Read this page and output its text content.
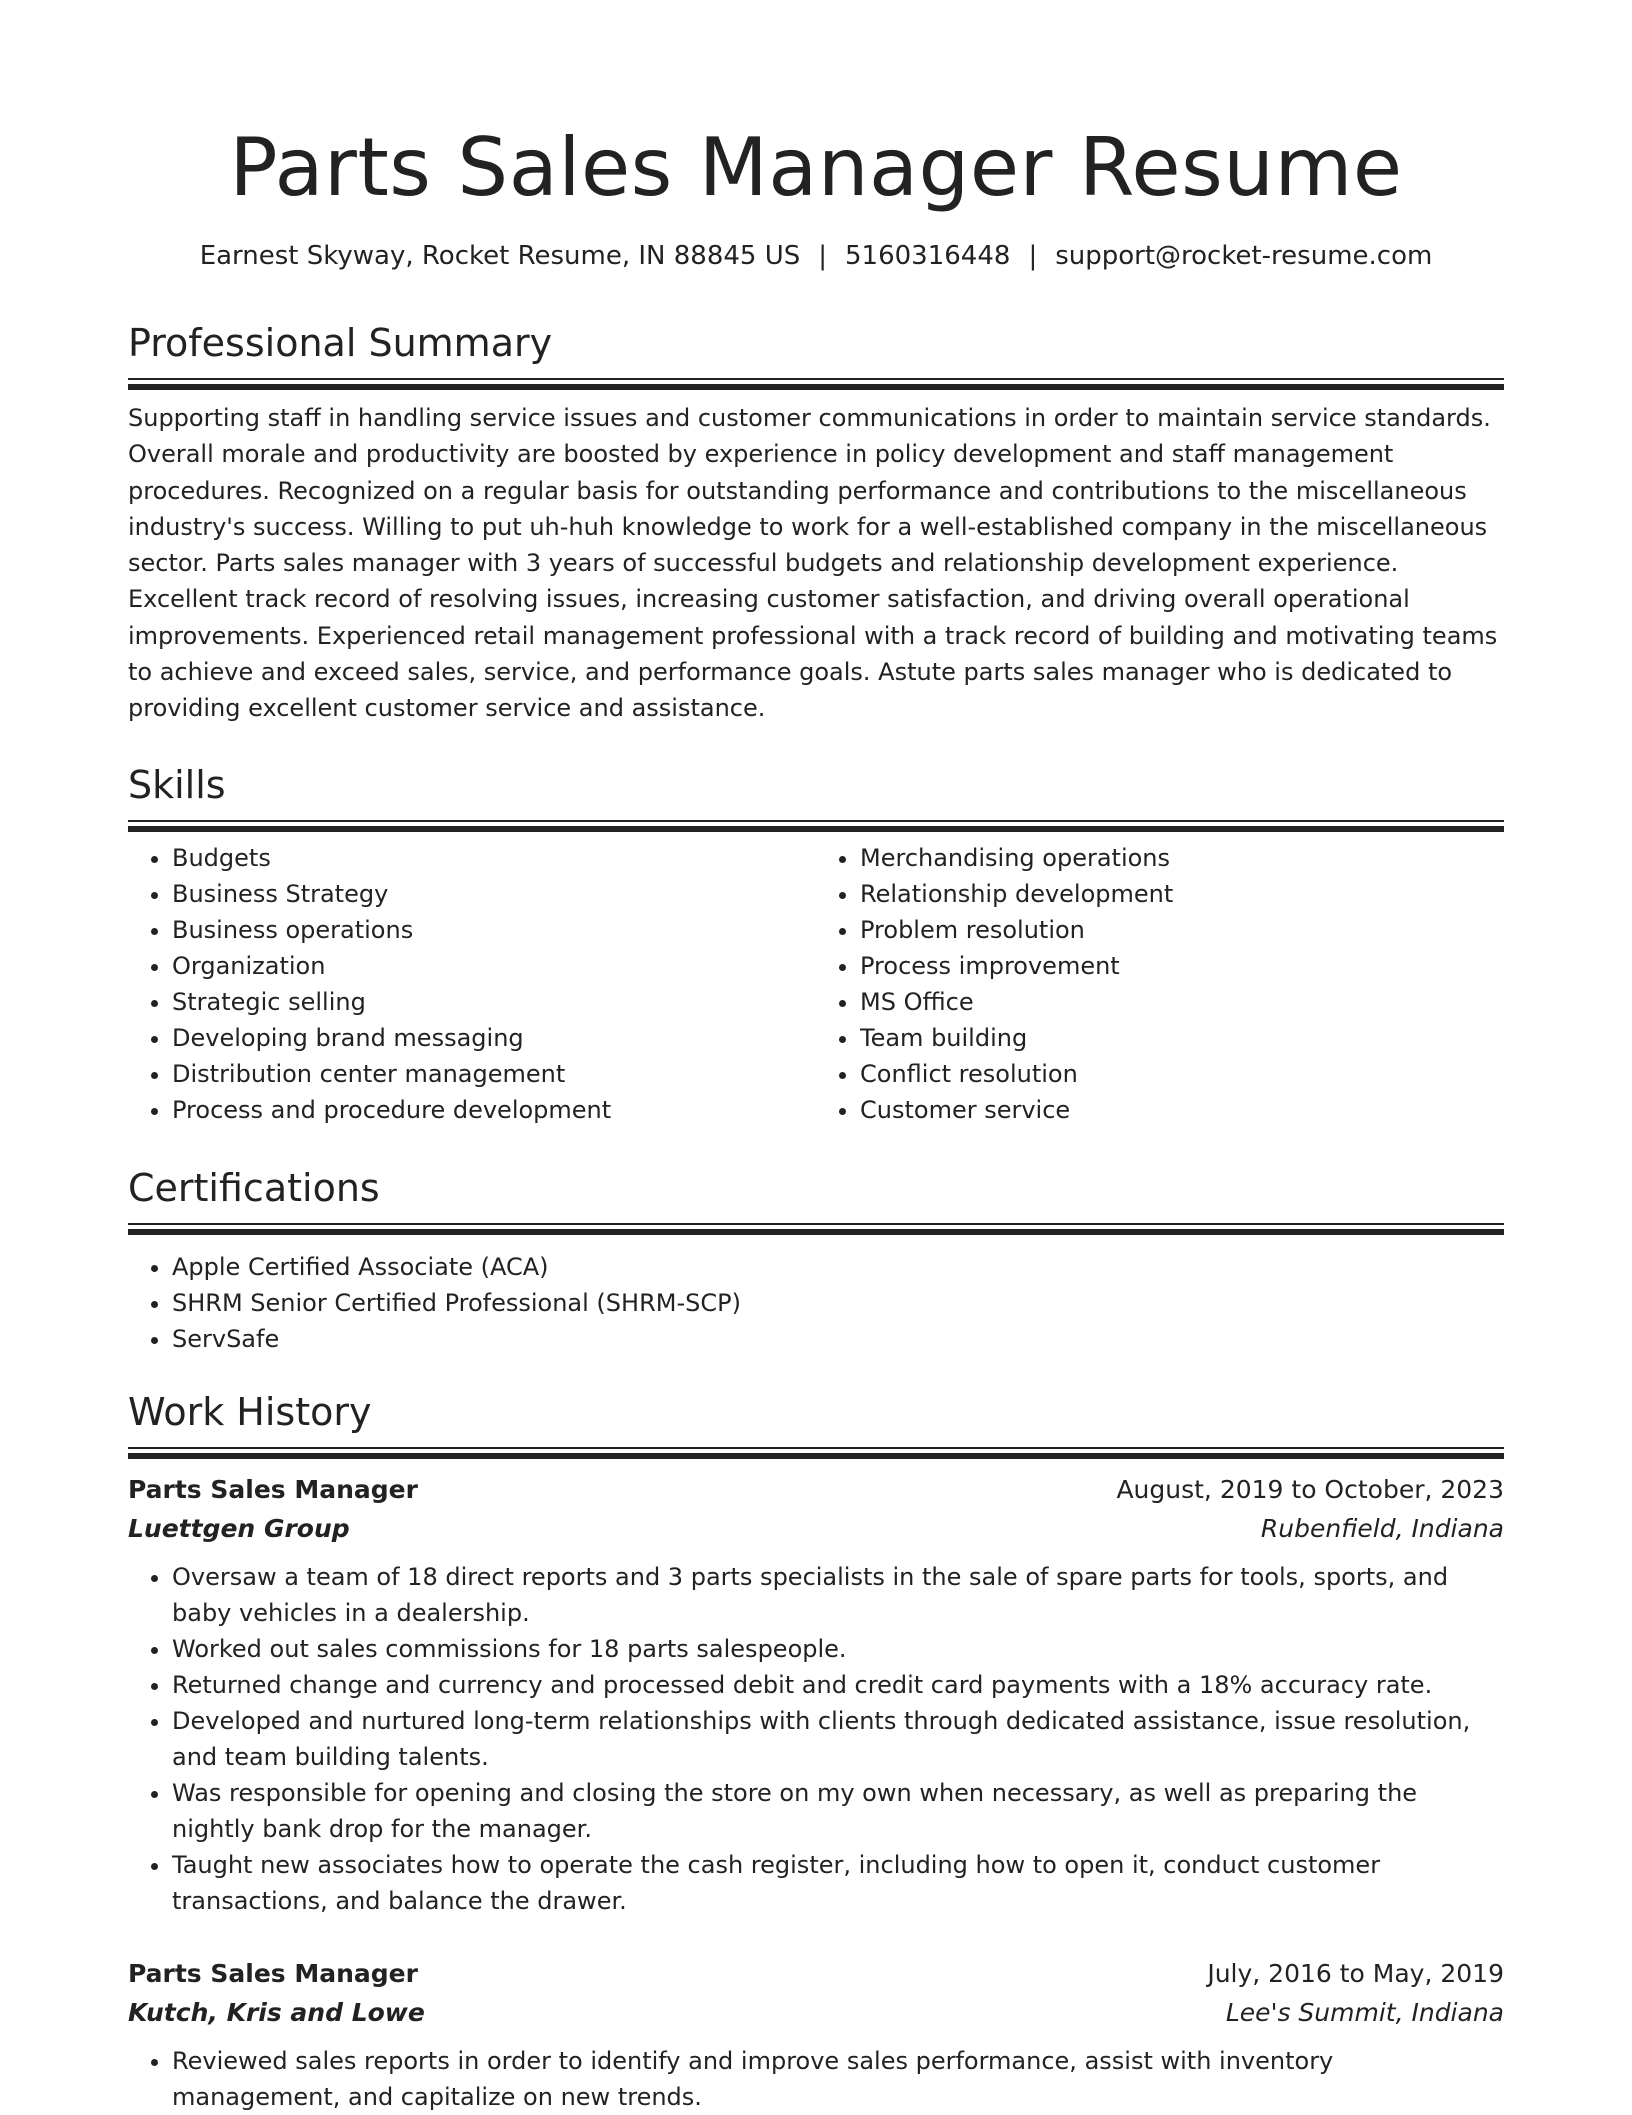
Parts Sales Manager Resume
Earnest Skyway, Rocket Resume, IN 88845 US | 5160316448 | support@rocket-resume.com
Professional Summary

Supporting staff in handling service issues and customer communications in order to maintain service standards. Overall morale and productivity are boosted by experience in policy development and staff management procedures. Recognized on a regular basis for outstanding performance and contributions to the miscellaneous industry's success. Willing to put uh-huh knowledge to work for a well-established company in the miscellaneous sector. Parts sales manager with 3 years of successful budgets and relationship development experience. Excellent track record of resolving issues, increasing customer satisfaction, and driving overall operational improvements. Experienced retail management professional with a track record of building and motivating teams to achieve and exceed sales, service, and performance goals. Astute parts sales manager who is dedicated to providing excellent customer service and assistance.

Skills
• Budgets
• Business Strategy
• Business operations
• Organization
• Strategic selling
• Developing brand messaging
• Distribution center management
• Process and procedure development
• Merchandising operations
• Relationship development
• Problem resolution
• Process improvement
• MS Office
• Team building
• Conflict resolution
• Customer service
Certifications
• Apple Certified Associate (ACA)
• SHRM Senior Certified Professional (SHRM-SCP)
• ServSafe
Work History
Parts Sales Manager	August, 2019 to October, 2023
Luettgen Group	Rubenfield, Indiana
• Oversaw a team of 18 direct reports and 3 parts specialists in the sale of spare parts for tools, sports, and baby vehicles in a dealership.
• Worked out sales commissions for 18 parts salespeople.
• Returned change and currency and processed debit and credit card payments with a 18% accuracy rate.
• Developed and nurtured long-term relationships with clients through dedicated assistance, issue resolution, and team building talents.
• Was responsible for opening and closing the store on my own when necessary, as well as preparing the nightly bank drop for the manager.
• Taught new associates how to operate the cash register, including how to open it, conduct customer transactions, and balance the drawer.
Parts Sales Manager	July, 2016 to May, 2019
Kutch, Kris and Lowe	Lee's Summit, Indiana
• Reviewed sales reports in order to identify and improve sales performance, assist with inventory management, and capitalize on new trends.
